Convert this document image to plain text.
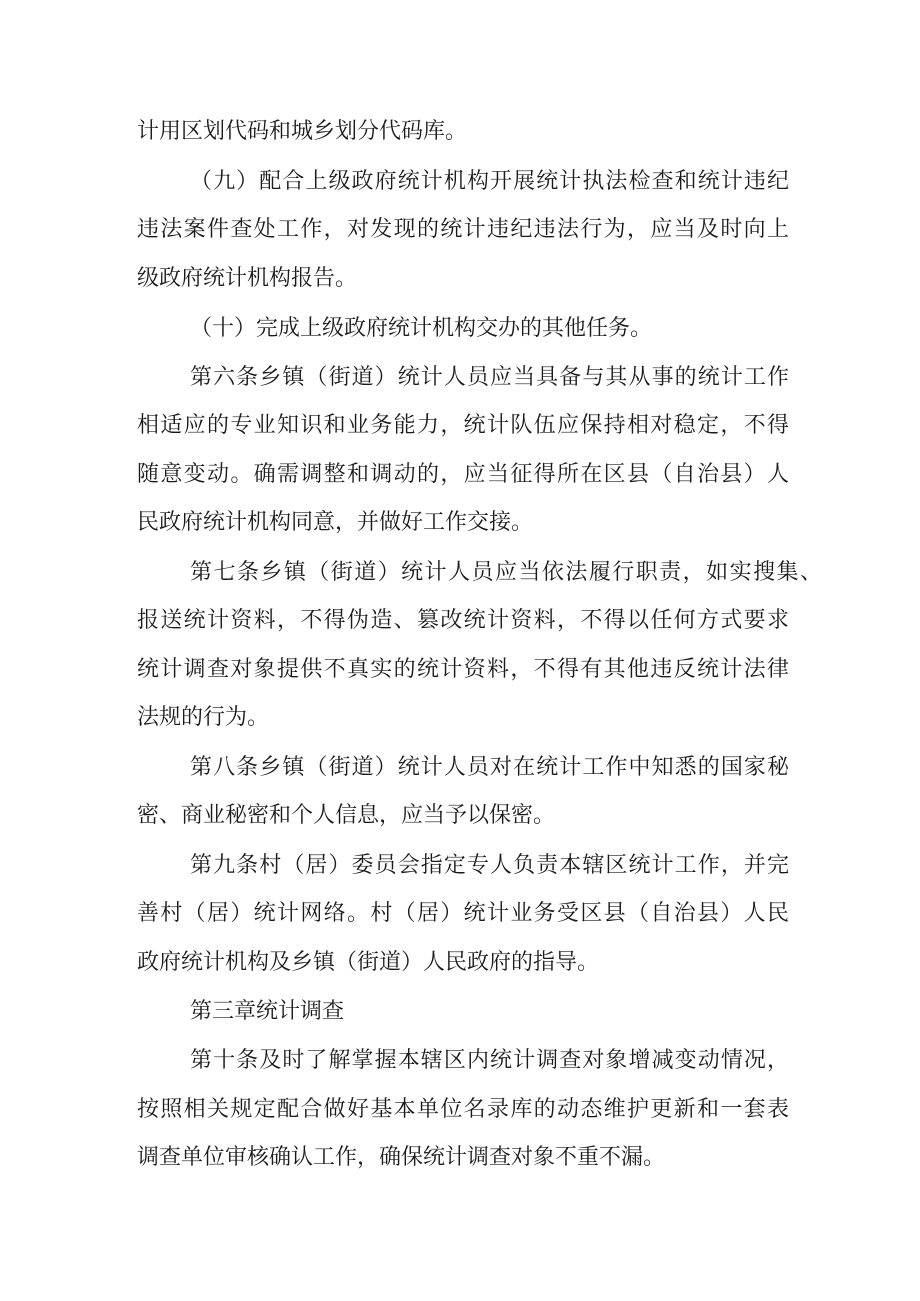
计用区划代码和城乡划分代码库。

（九）配合上级政府统计机构开展统计执法检查和统计违纪

违法案件查处工作，对发现的统计违纪违法行为，应当及时向上

级政府统计机构报告。

（十）完成上级政府统计机构交办的其他任务。

第六条乡镇（街道）统计人员应当具备与其从事的统计工作

相适应的专业知识和业务能力，统计队伍应保持相对稳定，不得

随意变动。确需调整和调动的，应当征得所在区县（自治县）人

民政府统计机构同意，并做好工作交接。

第七条乡镇（街道）统计人员应当依法履行职责，如实搜集、

报送统计资料，不得伪造、篡改统计资料，不得以任何方式要求

统计调查对象提供不真实的统计资料，不得有其他违反统计法律

法规的行为。

第八条乡镇（街道）统计人员对在统计工作中知悉的国家秘

密、商业秘密和个人信息，应当予以保密。

第九条村（居）委员会指定专人负责本辖区统计工作，并完

善村（居）统计网络。村（居）统计业务受区县（自治县）人民

政府统计机构及乡镇（街道）人民政府的指导。

第三章统计调查

第十条及时了解掌握本辖区内统计调查对象增减变动情况，

按照相关规定配合做好基本单位名录库的动态维护更新和一套表

调查单位审核确认工作，确保统计调查对象不重不漏。
